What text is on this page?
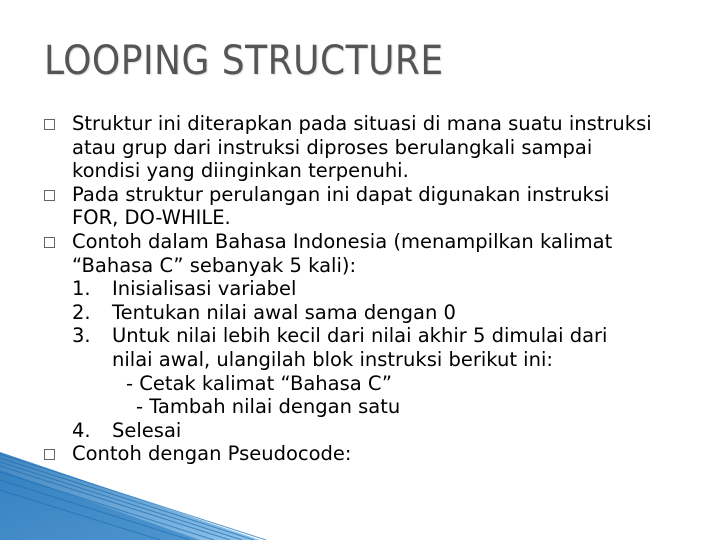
LOOPING STRUCTURE
Struktur ini diterapkan pada situasi di mana suatu instruksi
atau grup dari instruksi diproses berulangkali sampai
kondisi yang diinginkan terpenuhi.
Pada struktur perulangan ini dapat digunakan instruksi
FOR, DO-WHILE.
Contoh dalam Bahasa Indonesia (menampilkan kalimat
“Bahasa C” sebanyak 5 kali):
1. Inisialisasi variabel
2. Tentukan nilai awal sama dengan 0
3. Untuk nilai lebih kecil dari nilai akhir 5 dimulai dari
nilai awal, ulangilah blok instruksi berikut ini:
- Cetak kalimat “Bahasa C”
- Tambah nilai dengan satu
4. Selesai
Contoh dengan Pseudocode:
